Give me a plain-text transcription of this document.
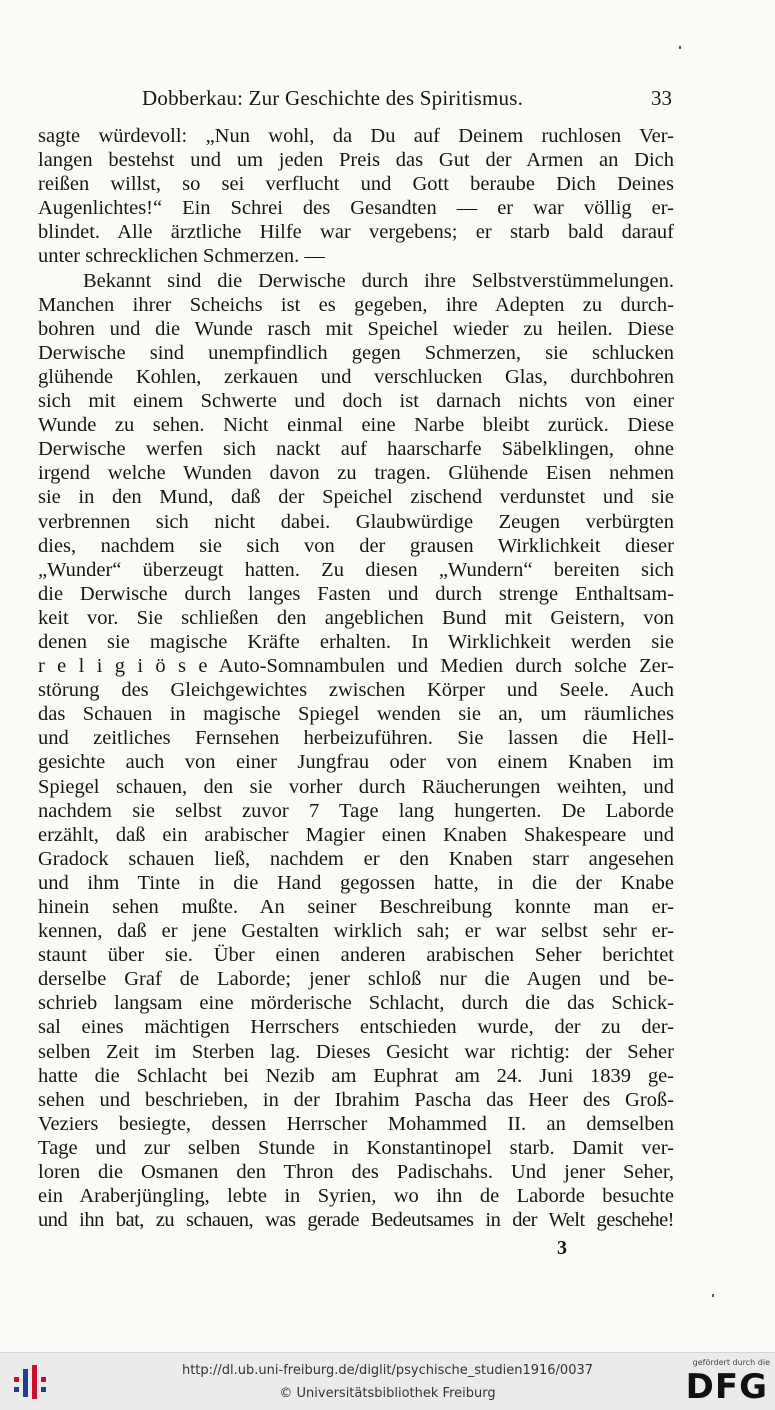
Dobberkau: Zur Geschichte des Spiritismus.	33
sagte würdevoll: „Nun wohl, da Du auf Deinem ruchlosen Ver-
langen bestehst und um jeden Preis das Gut der Armen an Dich
reißen willst, so sei verflucht und Gott beraube Dich Deines
Augenlichtes!“ Ein Schrei des Gesandten — er war völlig er-
blindet. Alle ärztliche Hilfe war vergebens; er starb bald darauf
unter schrecklichen Schmerzen. —
Bekannt sind die Derwische durch ihre Selbstverstümmelungen.
Manchen ihrer Scheichs ist es gegeben, ihre Adepten zu durch-
bohren und die Wunde rasch mit Speichel wieder zu heilen. Diese
Derwische sind unempfindlich gegen Schmerzen, sie schlucken
glühende Kohlen, zerkauen und verschlucken Glas, durchbohren
sich mit einem Schwerte und doch ist darnach nichts von einer
Wunde zu sehen. Nicht einmal eine Narbe bleibt zurück. Diese
Derwische werfen sich nackt auf haarscharfe Säbelklingen, ohne
irgend welche Wunden davon zu tragen. Glühende Eisen nehmen
sie in den Mund, daß der Speichel zischend verdunstet und sie
verbrennen sich nicht dabei. Glaubwürdige Zeugen verbürgten
dies, nachdem sie sich von der grausen Wirklichkeit dieser
„Wunder“ überzeugt hatten. Zu diesen „Wundern“ bereiten sich
die Derwische durch langes Fasten und durch strenge Enthaltsam-
keit vor. Sie schließen den angeblichen Bund mit Geistern, von
denen sie magische Kräfte erhalten. In Wirklichkeit werden sie
r e l i g i ö s e Auto-Somnambulen und Medien durch solche Zer-
störung des Gleichgewichtes zwischen Körper und Seele. Auch
das Schauen in magische Spiegel wenden sie an, um räumliches
und zeitliches Fernsehen herbeizuführen. Sie lassen die Hell-
gesichte auch von einer Jungfrau oder von einem Knaben im
Spiegel schauen, den sie vorher durch Räucherungen weihten, und
nachdem sie selbst zuvor 7 Tage lang hungerten. De Laborde
erzählt, daß ein arabischer Magier einen Knaben Shakespeare und
Gradock schauen ließ, nachdem er den Knaben starr angesehen
und ihm Tinte in die Hand gegossen hatte, in die der Knabe
hinein sehen mußte. An seiner Beschreibung konnte man er-
kennen, daß er jene Gestalten wirklich sah; er war selbst sehr er-
staunt über sie. Über einen anderen arabischen Seher berichtet
derselbe Graf de Laborde; jener schloß nur die Augen und be-
schrieb langsam eine mörderische Schlacht, durch die das Schick-
sal eines mächtigen Herrschers entschieden wurde, der zu der-
selben Zeit im Sterben lag. Dieses Gesicht war richtig: der Seher
hatte die Schlacht bei Nezib am Euphrat am 24. Juni 1839 ge-
sehen und beschrieben, in der Ibrahim Pascha das Heer des Groß-
Veziers besiegte, dessen Herrscher Mohammed II. an demselben
Tage und zur selben Stunde in Konstantinopel starb. Damit ver-
loren die Osmanen den Thron des Padischahs. Und jener Seher,
ein Araberjüngling, lebte in Syrien, wo ihn de Laborde besuchte
und ihn bat, zu schauen, was gerade Bedeutsames in der Welt geschehe!
3
http://dl.ub.uni-freiburg.de/diglit/psychische_studien1916/0037
© Universitätsbibliothek Freiburg
gefördert durch die
DFG
